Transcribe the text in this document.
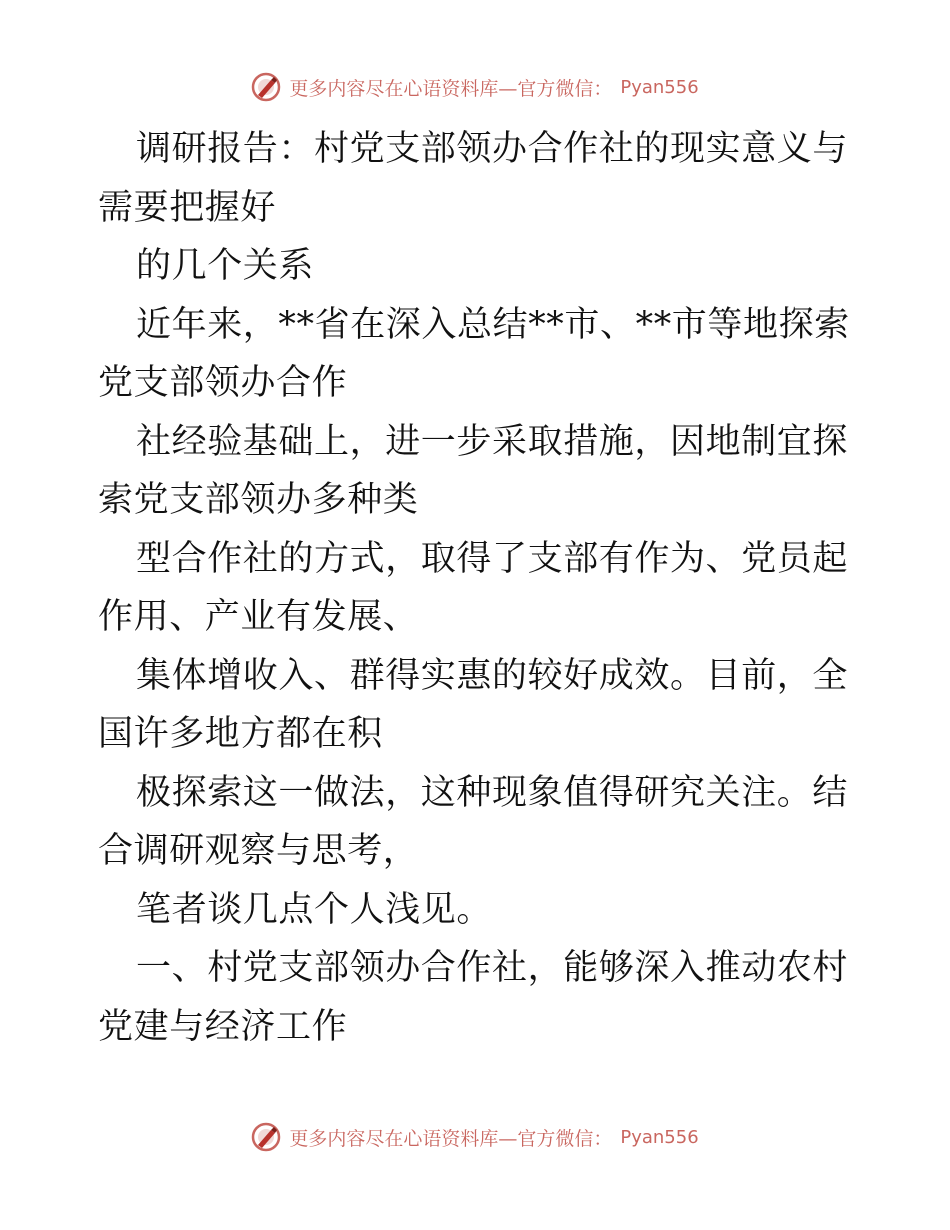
更多内容尽在心语资料库—官方微信： Pyan556

调研报告：村党支部领办合作社的现实意义与需要把握好

的几个关系

近年来，**省在深入总结**市、**市等地探索党支部领办合作

社经验基础上，进一步采取措施，因地制宜探索党支部领办多种类

型合作社的方式，取得了支部有作为、党员起作用、产业有发展、

集体增收入、群得实惠的较好成效。目前，全国许多地方都在积

极探索这一做法，这种现象值得研究关注。结合调研观察与思考，

笔者谈几点个人浅见。

一、村党支部领办合作社，能够深入推动农村党建与经济工作

更多内容尽在心语资料库—官方微信： Pyan556
